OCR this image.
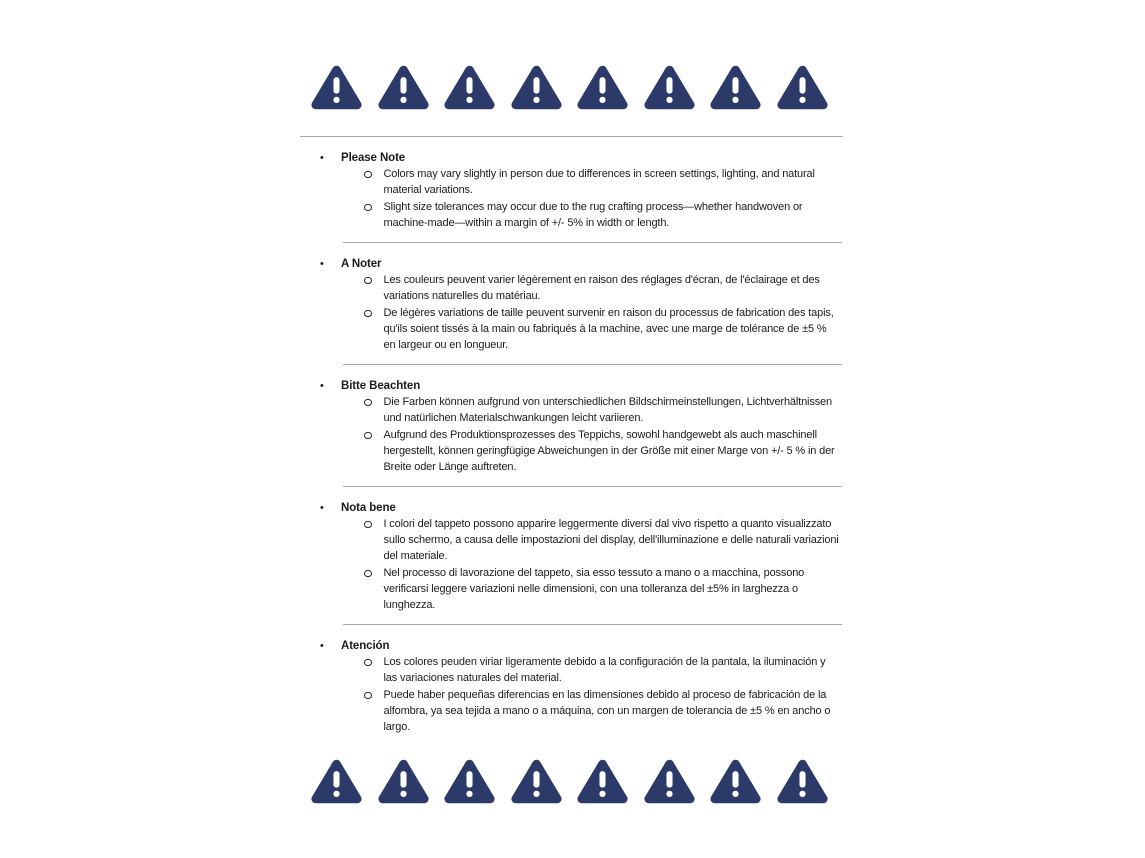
•	Please Note

Colors may vary slightly in person due to differences in screen settings, lighting, and natural material variations.

Slight size tolerances may occur due to the rug crafting process—whether handwoven or machine-made—within a margin of +/- 5% in width or length.

•	A Noter

Les couleurs peuvent varier légèrement en raison des réglages d'écran, de l'éclairage et des variations naturelles du matériau.

De légères variations de taille peuvent survenir en raison du processus de fabrication des tapis, qu'ils soient tissés à la main ou fabriqués à la machine, avec une marge de tolérance de ±5 % en largeur ou en longueur.

•	Bitte Beachten

Die Farben können aufgrund von unterschiedlichen Bildschirmeinstellungen, Lichtverhältnissen und natürlichen Materialschwankungen leicht variieren.

Aufgrund des Produktionsprozesses des Teppichs, sowohl handgewebt als auch maschinell hergestellt, können geringfügige Abweichungen in der Größe mit einer Marge von +/- 5 % in der Breite oder Länge auftreten.

•	Nota bene

I colori del tappeto possono apparire leggermente diversi dal vivo rispetto a quanto visualizzato sullo schermo, a causa delle impostazioni del display, dell'illuminazione e delle naturali variazioni del materiale.

Nel processo di lavorazione del tappeto, sia esso tessuto a mano o a macchina, possono verificarsi leggere variazioni nelle dimensioni, con una tolleranza del ±5% in larghezza o lunghezza.

•	Atención

Los colores peuden viriar ligeramente debido a la configuración de la pantala, la iluminación y las variaciones naturales del material.

Puede haber pequeñas diferencias en las dimensiones debido al proceso de fabricación de la alfombra, ya sea tejida a mano o a máquina, con un margen de tolerancia de ±5 % en ancho o largo.
